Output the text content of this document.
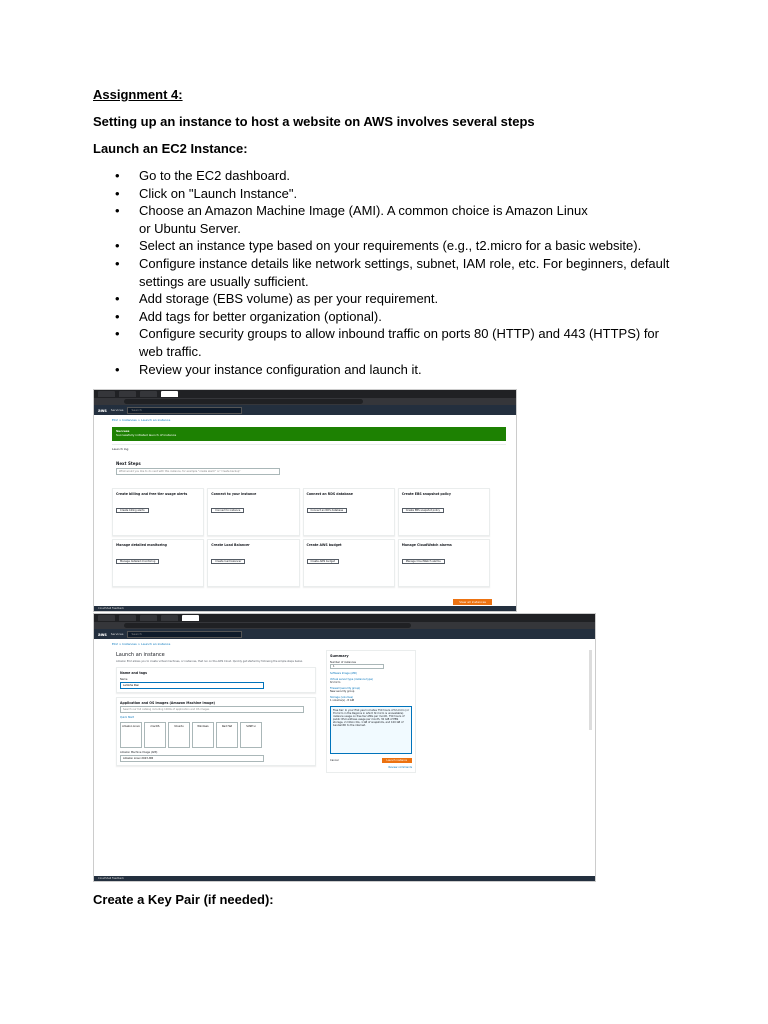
Assignment 4:
Setting up an instance to host a website on AWS involves several steps
Launch an EC2 Instance:
• Go to the EC2 dashboard.
• Click on "Launch Instance".
• Choose an Amazon Machine Image (AMI). A common choice is Amazon Linux or Ubuntu Server.
• Select an instance type based on your requirements (e.g., t2.micro for a basic website).
• Configure instance details like network settings, subnet, IAM role, etc. For beginners, default settings are usually sufficient.
• Add storage (EBS volume) as per your requirement.
• Add tags for better organization (optional).
• Configure security groups to allow inbound traffic on ports 80 (HTTP) and 443 (HTTPS) for web traffic.
• Review your instance configuration and launch it.

aws Services	Search
EC2 > Instances > Launch an instance
Success
Successfully initiated launch of instance
Launch log
Next Steps
What would you like to do next with this instance, for example "create alarm" or "create backup"
Create billing and free tier usage alerts
Create billing alerts
Connect to your instance
Connect to instance
Connect an RDS database
Connect an RDS database
Create EBS snapshot policy
Create EBS snapshot policy
Manage detailed monitoring
Manage detailed monitoring
Create Load Balancer
Create load balancer
Create AWS budget
Create AWS budget
Manage CloudWatch alarms
Manage CloudWatch alarms
View all instances
CloudShell Feedback

aws Services	Search
EC2 > Instances > Launch an instance
Launch an instance
Amazon EC2 allows you to create virtual machines, or instances, that run on the AWS Cloud. Quickly get started by following the simple steps below.
Name and tags
Name
Lambha Pasi
Application and OS Images (Amazon Machine Image)
Search our full catalog including 1000s of application and OS images
Quick Start
Amazon Linux	macOS	Ubuntu	Windows	Red Hat	SUSE Li
Amazon Machine Image (AMI)
Amazon Linux 2023 AMI
Summary
Number of instances
1
Software Image (AMI)
Virtual server type (instance type)
t2.micro
Firewall (security group)
New security group
Storage (volumes)
1 volume(s) - 8 GiB
Free tier: In your first year includes 750 hours of t2.micro (or t3.micro in the Regions in which t2.micro is unavailable) instance usage on free tier AMIs per month, 750 hours of public IPv4 address usage per month, 30 GiB of EBS storage, 2 million IOs, 1 GB of snapshots, and 100 GB of bandwidth to the internet.
Cancel	Launch instance
Review commands
CloudShell Feedback
Create a Key Pair (if needed):
